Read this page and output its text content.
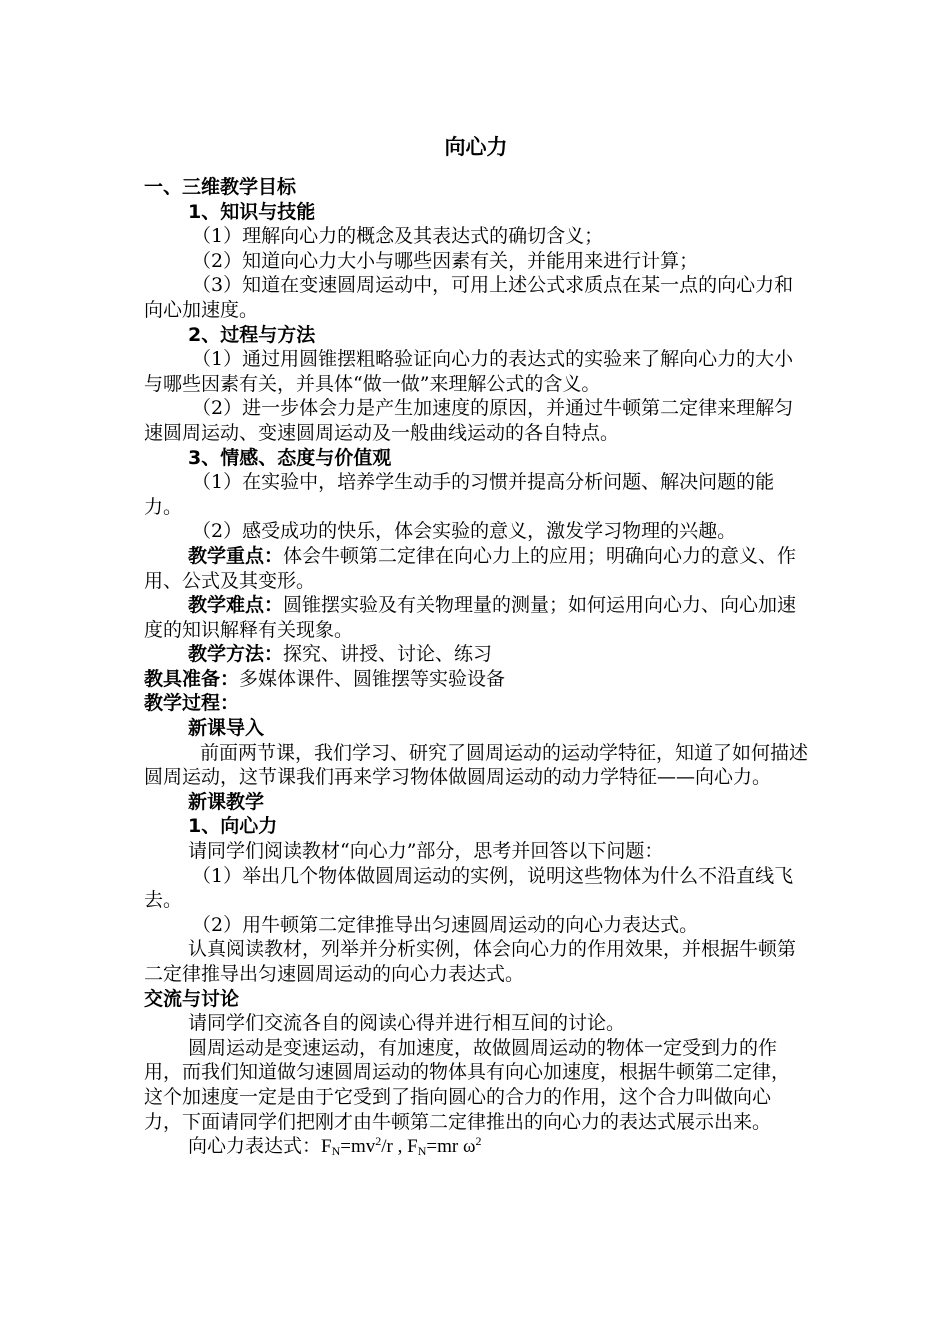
向心力
一、三维教学目标
1、知识与技能
（1）理解向心力的概念及其表达式的确切含义；
（2）知道向心力大小与哪些因素有关，并能用来进行计算；
（3）知道在变速圆周运动中，可用上述公式求质点在某一点的向心力和向心加速度。
2、过程与方法
（1）通过用圆锥摆粗略验证向心力的表达式的实验来了解向心力的大小与哪些因素有关，并具体“做一做”来理解公式的含义。
（2）进一步体会力是产生加速度的原因，并通过牛顿第二定律来理解匀速圆周运动、变速圆周运动及一般曲线运动的各自特点。
3、情感、态度与价值观
（1）在实验中，培养学生动手的习惯并提高分析问题、解决问题的能力。
（2）感受成功的快乐，体会实验的意义，激发学习物理的兴趣。
教学重点：体会牛顿第二定律在向心力上的应用；明确向心力的意义、作用、公式及其变形。
教学难点：圆锥摆实验及有关物理量的测量；如何运用向心力、向心加速度的知识解释有关现象。
教学方法：探究、讲授、讨论、练习
教具准备：多媒体课件、圆锥摆等实验设备
教学过程：
新课导入
前面两节课，我们学习、研究了圆周运动的运动学特征，知道了如何描述圆周运动，这节课我们再来学习物体做圆周运动的动力学特征——向心力。
新课教学
1、向心力
请同学们阅读教材“向心力”部分，思考并回答以下问题：
（1）举出几个物体做圆周运动的实例，说明这些物体为什么不沿直线飞去。
（2）用牛顿第二定律推导出匀速圆周运动的向心力表达式。
认真阅读教材，列举并分析实例，体会向心力的作用效果，并根据牛顿第二定律推导出匀速圆周运动的向心力表达式。
交流与讨论
请同学们交流各自的阅读心得并进行相互间的讨论。
圆周运动是变速运动，有加速度，故做圆周运动的物体一定受到力的作用，而我们知道做匀速圆周运动的物体具有向心加速度，根据牛顿第二定律，这个加速度一定是由于它受到了指向圆心的合力的作用，这个合力叫做向心力，下面请同学们把刚才由牛顿第二定律推出的向心力的表达式展示出来。
向心力表达式：$F_N=mv^2/r$ , $F_N=mr$ $\omega^2$
